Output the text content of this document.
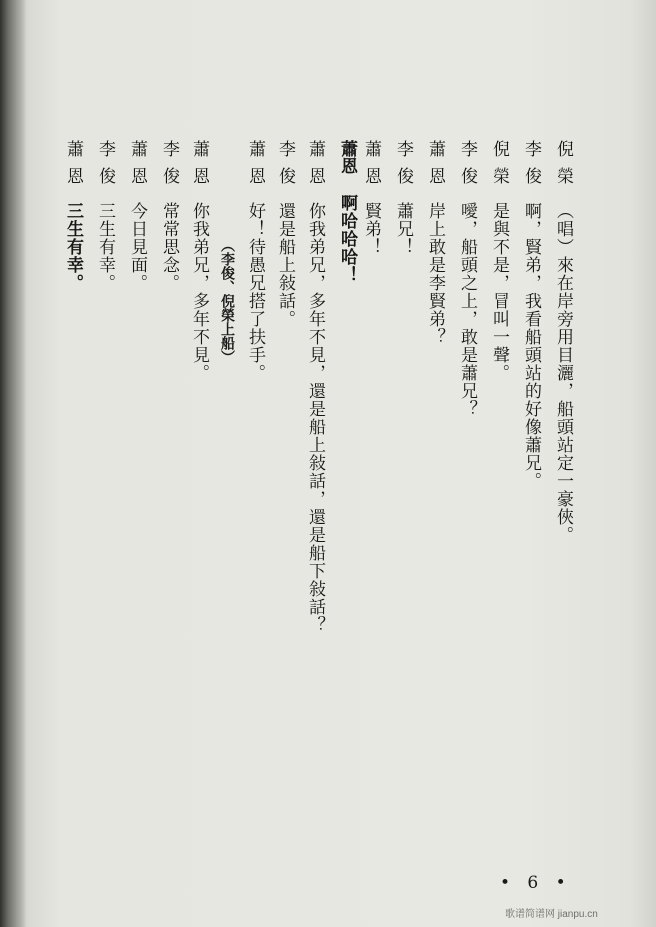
倪榮（唱）來在岸旁用目灑，船頭站定一豪俠。
李俊啊，賢弟，我看船頭站的好像蕭兄。
倪榮是與不是，冒叫一聲。
李俊噯，船頭之上，敢是蕭兄？
蕭恩岸上敢是李賢弟？
李俊蕭兄！
蕭恩賢弟！
蕭恩啊哈哈哈！
蕭恩你我弟兄，多年不見，還是船上敍話，還是船下敍話？
李俊還是船上敍話。
蕭恩好！待愚兄搭了扶手。
（李俊、倪榮上船）
蕭恩你我弟兄，多年不見。
李俊常常思念。
蕭恩今日見面。
李俊三生有幸。
蕭恩三生有幸。
• 6 •
歌谱简谱网 jianpu.cn
